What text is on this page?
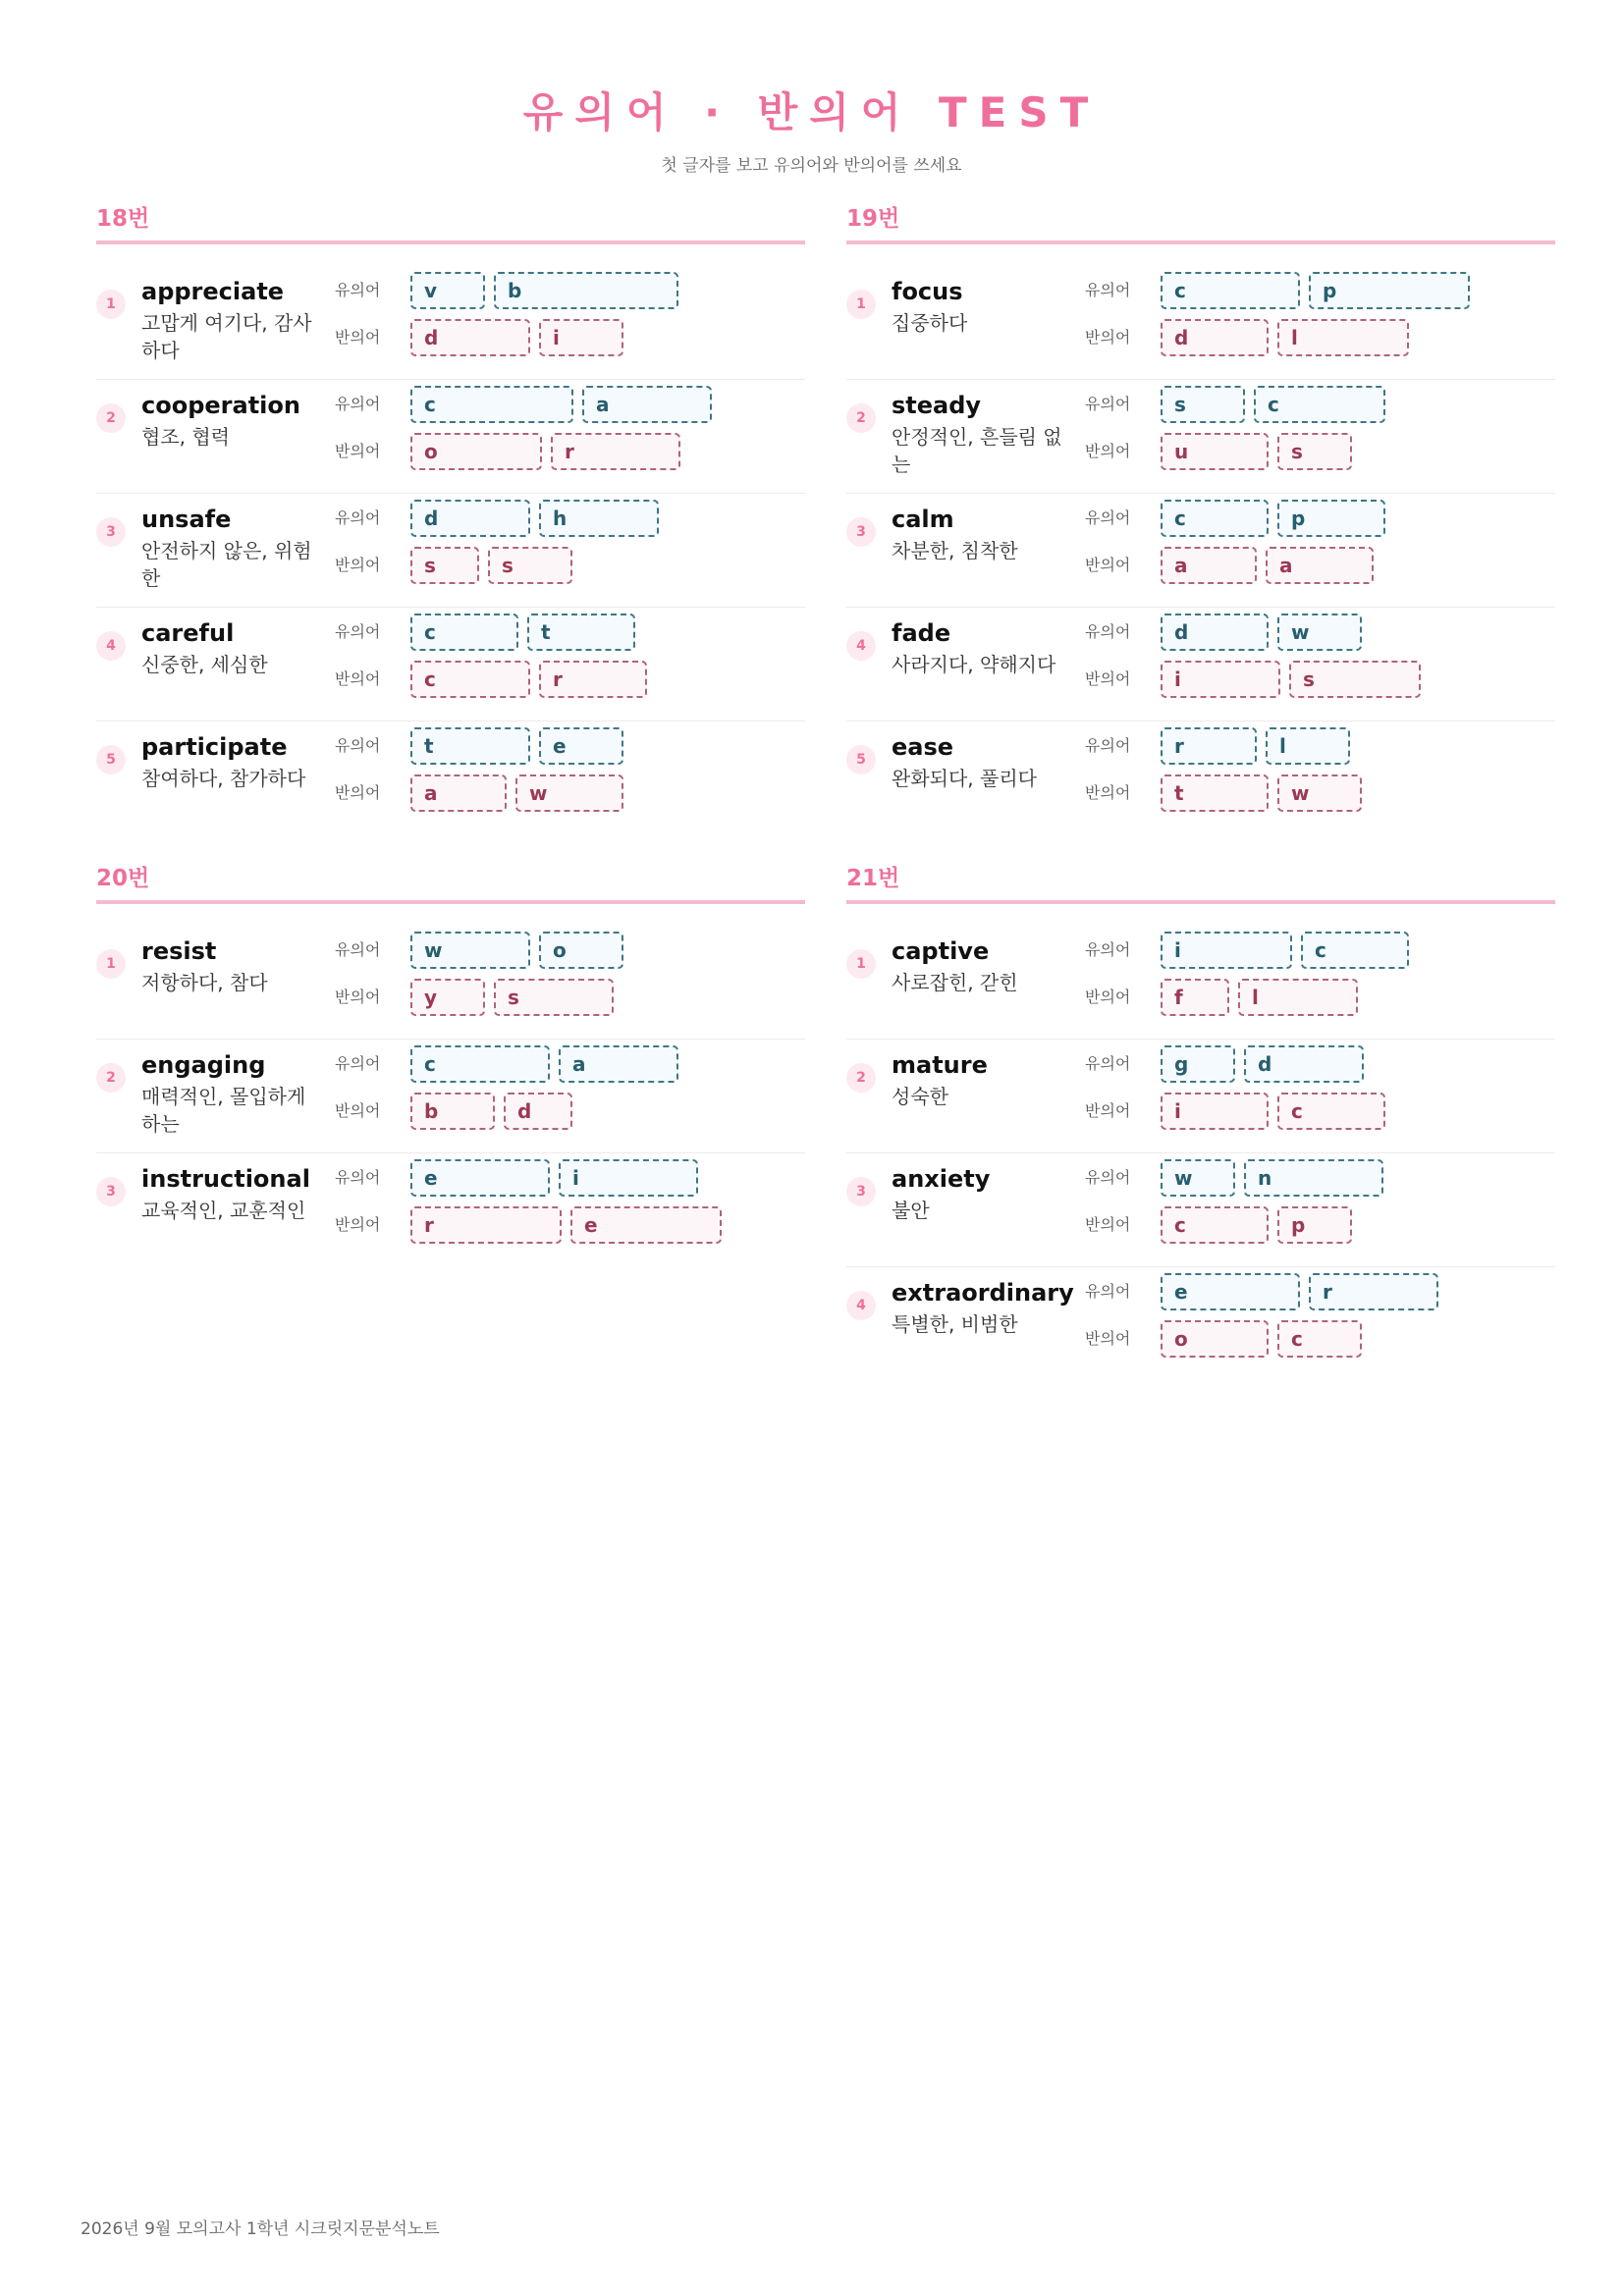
유의어 · 반의어 TEST
첫 글자를 보고 유의어와 반의어를 쓰세요
18번
1	appreciate
고맙게 여기다, 감사하다
유의어	v	b
반의어	d	i
2	cooperation
협조, 협력
유의어	c	a
반의어	o	r
3	unsafe
안전하지 않은, 위험한
유의어	d	h
반의어	s	s
4	careful
신중한, 세심한
유의어	c	t
반의어	c	r
5	participate
참여하다, 참가하다
유의어	t	e
반의어	a	w
19번
1	focus
집중하다
유의어	c	p
반의어	d	l
2	steady
안정적인, 흔들림 없는
유의어	s	c
반의어	u	s
3	calm
차분한, 침착한
유의어	c	p
반의어	a	a
4	fade
사라지다, 약해지다
유의어	d	w
반의어	i	s
5	ease
완화되다, 풀리다
유의어	r	l
반의어	t	w
20번
1	resist
저항하다, 참다
유의어	w	o
반의어	y	s
2	engaging
매력적인, 몰입하게 하는
유의어	c	a
반의어	b	d
3	instructional
교육적인, 교훈적인
유의어	e	i
반의어	r	e
21번
1	captive
사로잡힌, 갇힌
유의어	i	c
반의어	f	l
2	mature
성숙한
유의어	g	d
반의어	i	c
3	anxiety
불안
유의어	w	n
반의어	c	p
4	extraordinary
특별한, 비범한
유의어	e	r
반의어	o	c
2026년 9월 모의고사 1학년 시크릿지문분석노트
